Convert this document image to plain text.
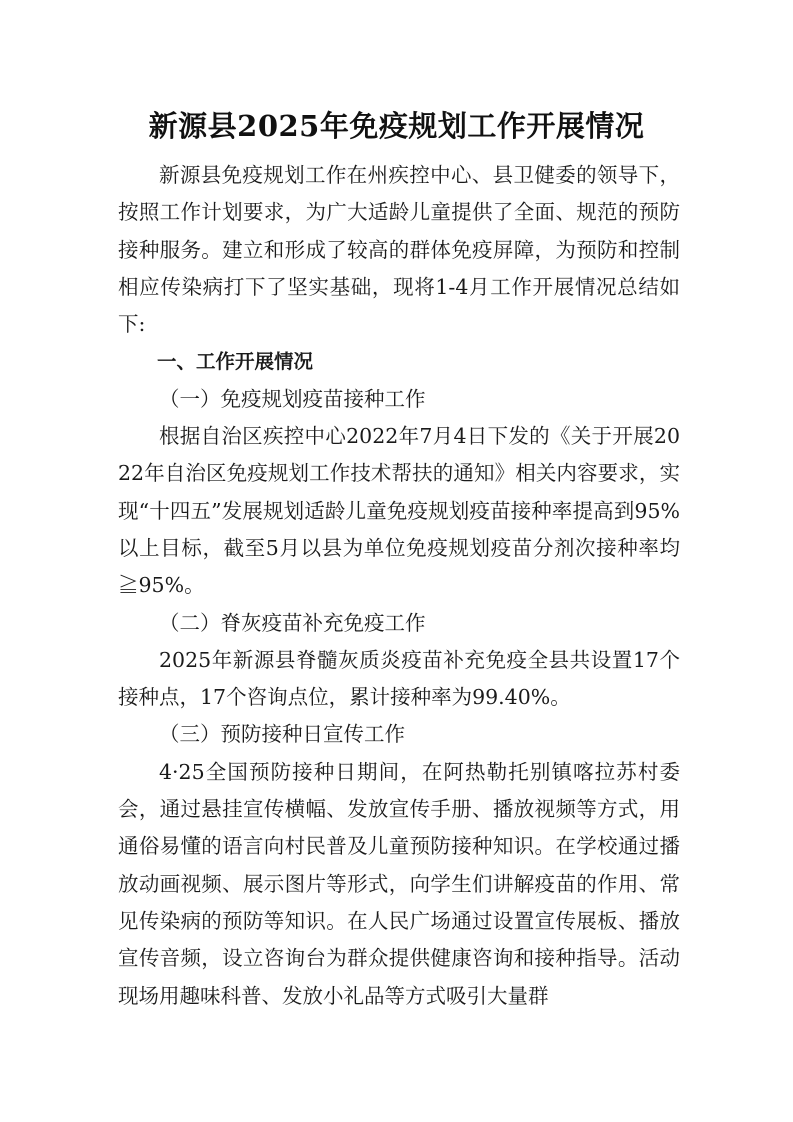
新源县2025年免疫规划工作开展情况

新源县免疫规划工作在州疾控中心、县卫健委的领导下，按照工作计划要求，为广大适龄儿童提供了全面、规范的预防接种服务。建立和形成了较高的群体免疫屏障，为预防和控制相应传染病打下了坚实基础，现将1-4月工作开展情况总结如下:

一、工作开展情况

（一）免疫规划疫苗接种工作

根据自治区疾控中心2022年7月4日下发的《关于开展2022年自治区免疫规划工作技术帮扶的通知》相关内容要求，实现“十四五”发展规划适龄儿童免疫规划疫苗接种率提高到95%以上目标，截至5月以县为单位免疫规划疫苗分剂次接种率均≧95%。

（二）脊灰疫苗补充免疫工作

2025年新源县脊髓灰质炎疫苗补充免疫全县共设置17个接种点，17个咨询点位，累计接种率为99.40%。

（三）预防接种日宣传工作

4·25全国预防接种日期间，在阿热勒托别镇喀拉苏村委会，通过悬挂宣传横幅、发放宣传手册、播放视频等方式，用通俗易懂的语言向村民普及儿童预防接种知识。在学校通过播放动画视频、展示图片等形式，向学生们讲解疫苗的作用、常见传染病的预防等知识。在人民广场通过设置宣传展板、播放宣传音频，设立咨询台为群众提供健康咨询和接种指导。活动现场用趣味科普、发放小礼品等方式吸引大量群
